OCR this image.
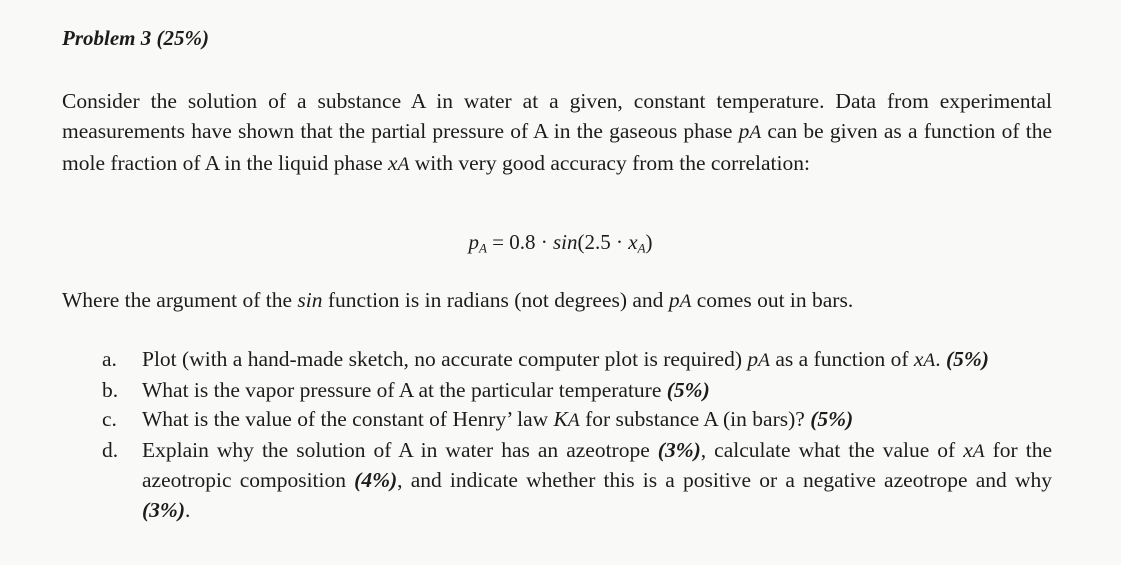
Problem 3 (25%)
Consider the solution of a substance A in water at a given, constant temperature. Data from experimental measurements have shown that the partial pressure of A in the gaseous phase pA can be given as a function of the mole fraction of A in the liquid phase xA with very good accuracy from the correlation:
$p_A = 0.8 \cdot \sin(2.5 \cdot x_A)$
Where the argument of the sin function is in radians (not degrees) and pA comes out in bars.
a.	Plot (with a hand-made sketch, no accurate computer plot is required) pA as a function of xA. (5%)
b.	What is the vapor pressure of A at the particular temperature (5%)
c.	What is the value of the constant of Henry’ law KA for substance A (in bars)? (5%)
d.	Explain why the solution of A in water has an azeotrope (3%), calculate what the value of xA for the azeotropic composition (4%), and indicate whether this is a positive or a negative azeotrope and why (3%).
